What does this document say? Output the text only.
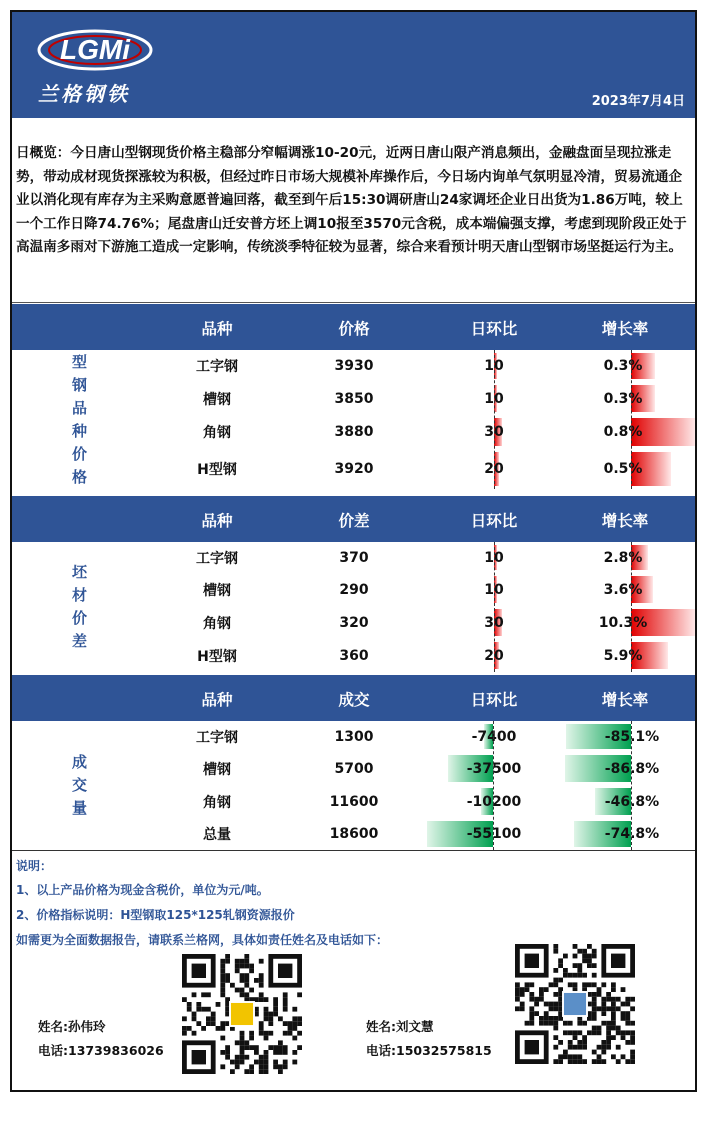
LGMi
兰格钢铁	2023年7月4日
日概览：今日唐山型钢现货价格主稳部分窄幅调涨10-20元，近两日唐山限产消息频出，金融盘面呈现拉涨走势，带动成材现货探涨较为积极，但经过昨日市场大规模补库操作后，今日场内询单气氛明显冷清，贸易流通企业以消化现有库存为主采购意愿普遍回落，截至到午后15:30调研唐山24家调坯企业日出货为1.86万吨，较上一个工作日降74.76%；尾盘唐山迁安普方坯上调10报至3570元含税，成本端偏强支撑，考虑到现阶段正处于高温南多雨对下游施工造成一定影响，传统淡季特征较为显著，综合来看预计明天唐山型钢市场坚挺运行为主。
品种	价格	日环比	增长率
型
钢
品
种
价
格
工字钢	3930	10	0.3%
槽钢	3850	10	0.3%
角钢	3880	30	0.8%
H型钢	3920	20	0.5%
品种	价差	日环比	增长率
坯
材
价
差
工字钢	370	10	2.8%
槽钢	290	10	3.6%
角钢	320	30	10.3%
H型钢	360	20	5.9%
品种	成交	日环比	增长率
成
交
量
工字钢	1300	-7400	-85.1%
槽钢	5700	-37500	-86.8%
角钢	11600	-10200	-46.8%
总量	18600	-55100	-74.8%
说明：
1、以上产品价格为现金含税价，单位为元/吨。
2、价格指标说明：H型钢取125*125轧钢资源报价
如需更为全面数据报告，请联系兰格网，具体如责任姓名及电话如下：
姓名:孙伟玲
电话:13739836026
姓名:刘文慧
电话:15032575815
